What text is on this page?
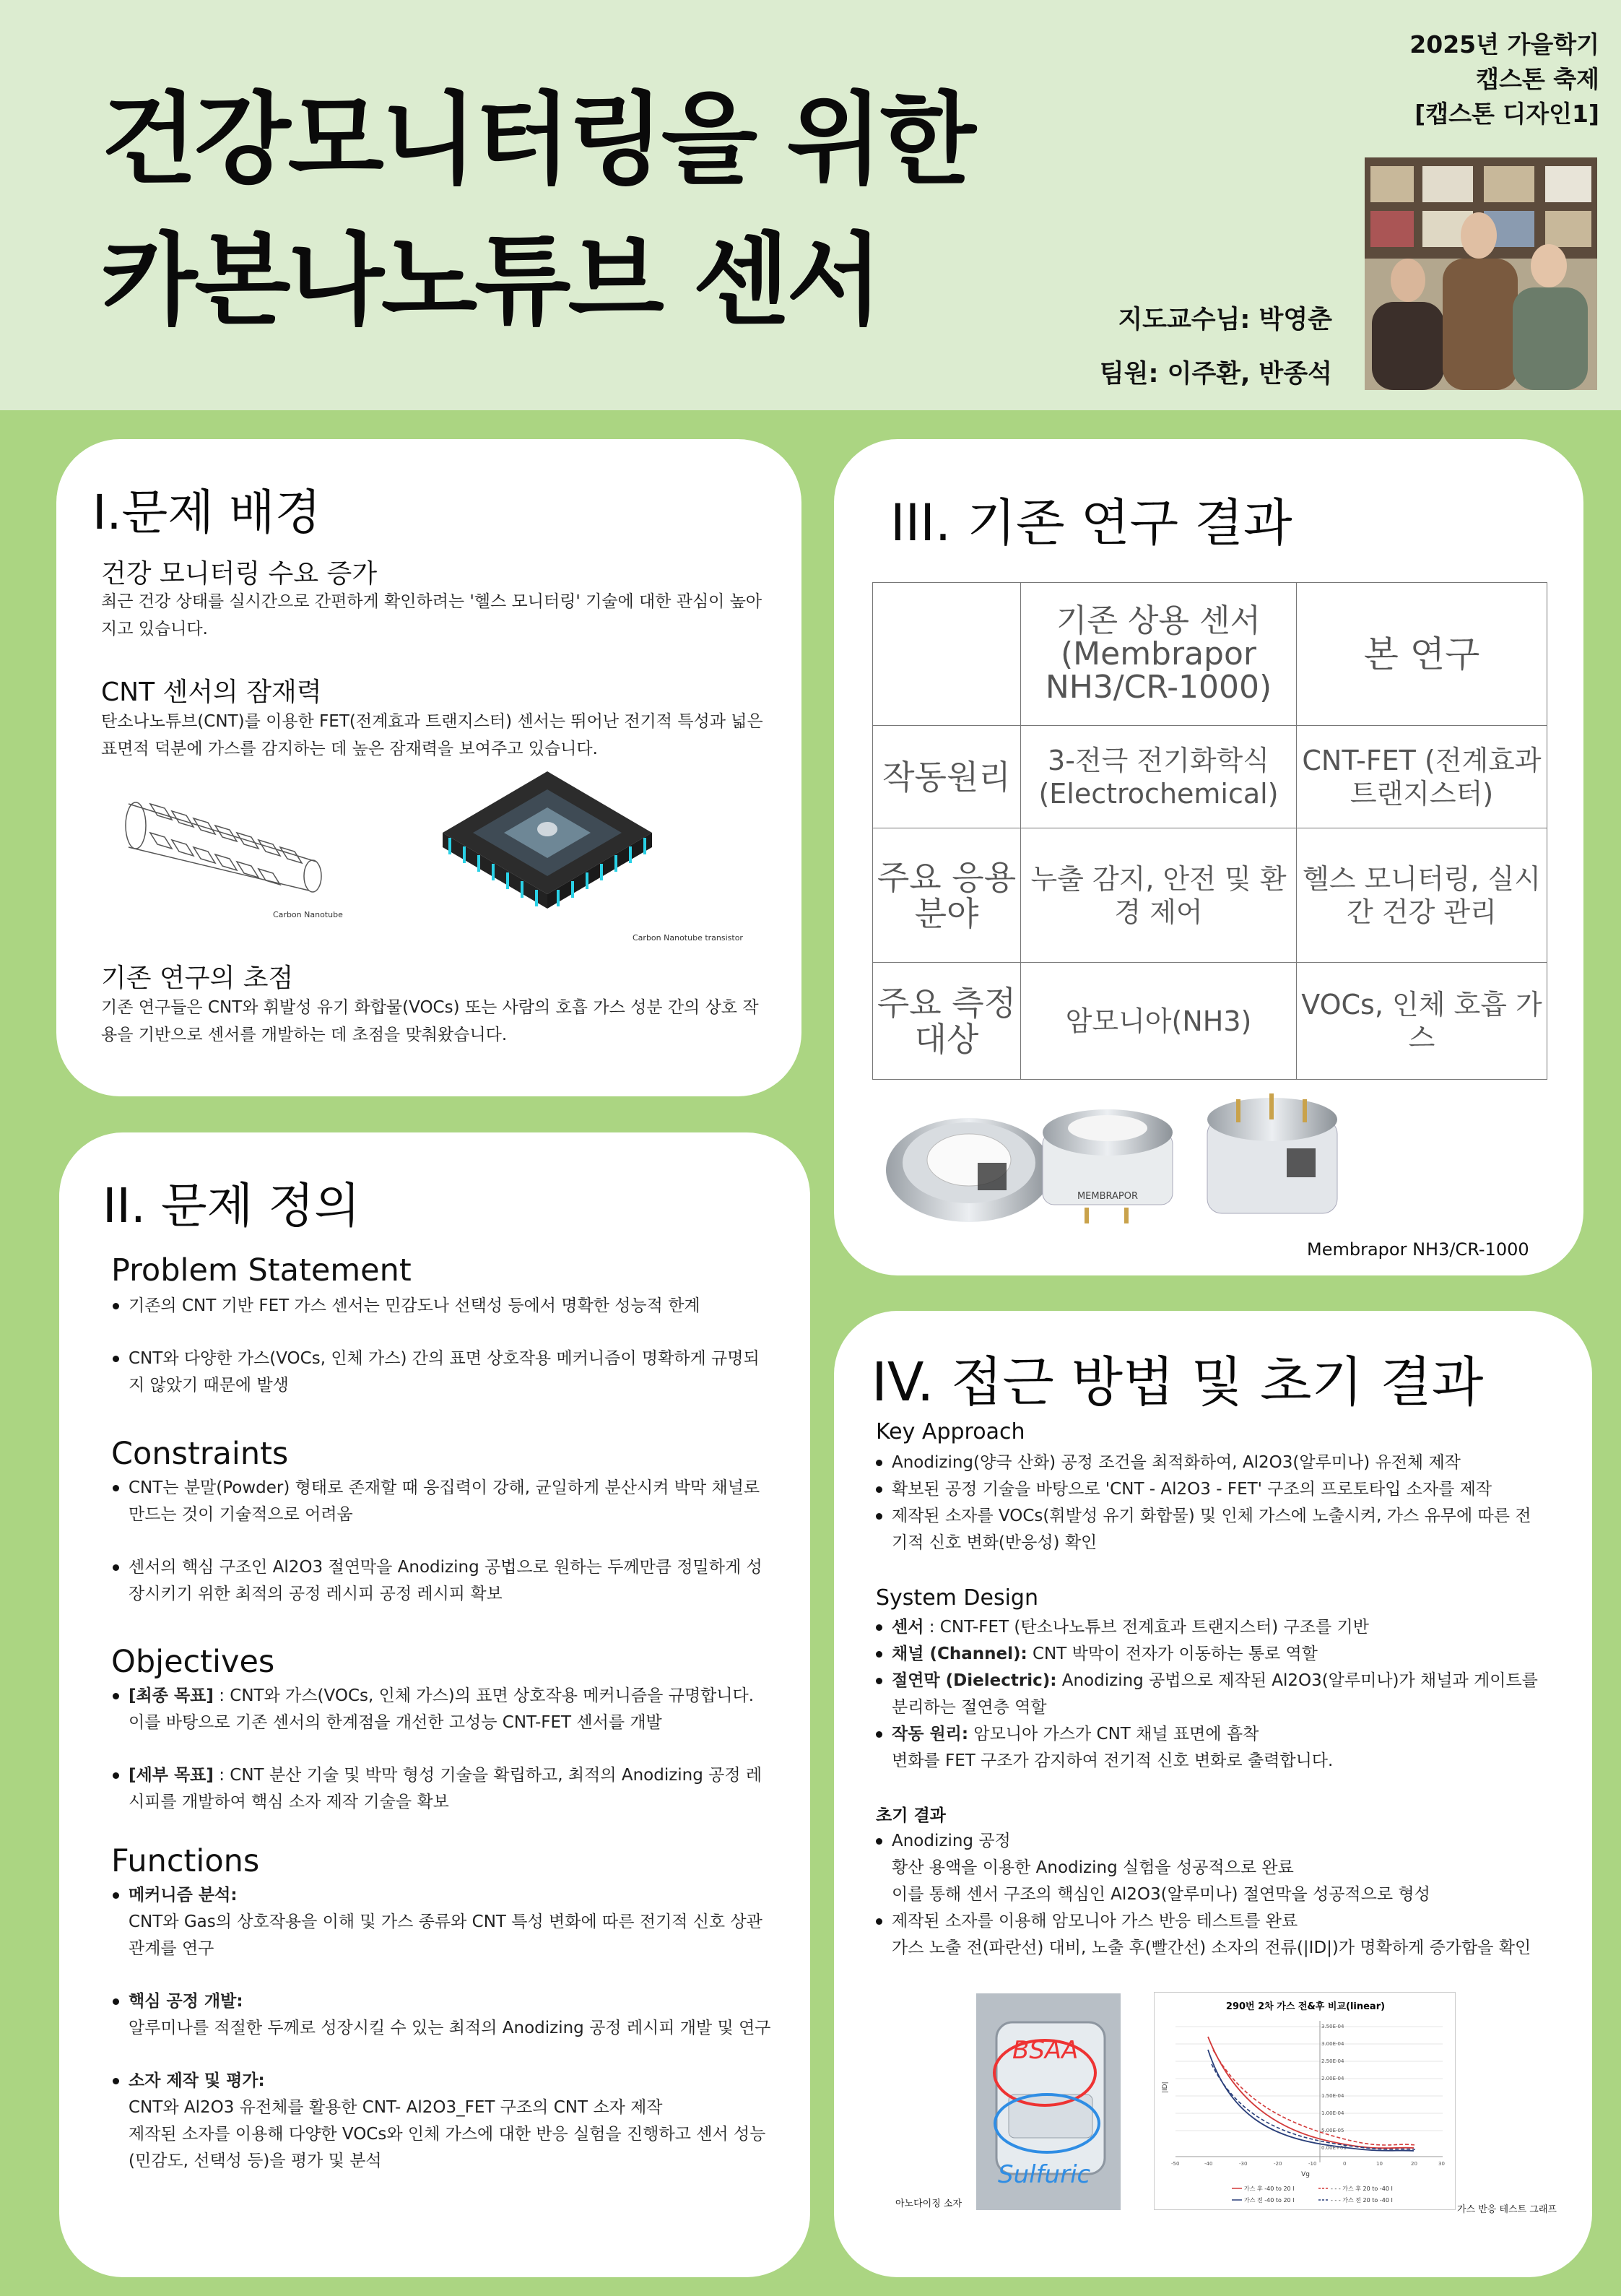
건강모니터링을 위한
카본나노튜브 센서
2025년 가을학기
캡스톤 축제
[캡스톤 디자인1]
지도교수님: 박영춘
팀원: 이주환, 반종석
I.문제 배경
건강 모니터링 수요 증가
최근 건강 상태를 실시간으로 간편하게 확인하려는 '헬스 모니터링' 기술에 대한 관심이 높아지고 있습니다.
CNT 센서의 잠재력
탄소나노튜브(CNT)를 이용한 FET(전계효과 트랜지스터) 센서는 뛰어난 전기적 특성과 넓은 표면적 덕분에 가스를 감지하는 데 높은 잠재력을 보여주고 있습니다.
Carbon Nanotube
Carbon Nanotube transistor
기존 연구의 초점
기존 연구들은 CNT와 휘발성 유기 화합물(VOCs) 또는 사람의 호흡 가스 성분 간의 상호 작용을 기반으로 센서를 개발하는 데 초점을 맞춰왔습니다.
II. 문제 정의
Problem Statement
기존의 CNT 기반 FET 가스 센서는 민감도나 선택성 등에서 명확한 성능적 한계
CNT와 다양한 가스(VOCs, 인체 가스) 간의 표면 상호작용 메커니즘이 명확하게 규명되지 않았기 때문에 발생
Constraints
CNT는 분말(Powder) 형태로 존재할 때 응집력이 강해, 균일하게 분산시켜 박막 채널로 만드는 것이 기술적으로 어려움
센서의 핵심 구조인 Al2O3 절연막을 Anodizing 공법으로 원하는 두께만큼 정밀하게 성장시키기 위한 최적의 공정 레시피 공정 레시피 확보
Objectives
[최종 목표] : CNT와 가스(VOCs, 인체 가스)의 표면 상호작용 메커니즘을 규명합니다. 이를 바탕으로 기존 센서의 한계점을 개선한 고성능 CNT-FET 센서를 개발
[세부 목표] : CNT 분산 기술 및 박막 형성 기술을 확립하고, 최적의 Anodizing 공정 레시피를 개발하여 핵심 소자 제작 기술을 확보
Functions
메커니즘 분석:
CNT와 Gas의 상호작용을 이해 및 가스 종류와 CNT 특성 변화에 따른 전기적 신호 상관관계를 연구
핵심 공정 개발:
알루미나를 적절한 두께로 성장시킬 수 있는 최적의 Anodizing 공정 레시피 개발 및 연구
소자 제작 및 평가:
CNT와 Al2O3 유전체를 활용한 CNT- Al2O3_FET 구조의 CNT 소자 제작
제작된 소자를 이용해 다양한 VOCs와 인체 가스에 대한 반응 실험을 진행하고 센서 성능(민감도, 선택성 등)을 평가 및 분석
III. 기존 연구 결과
	기존 상용 센서 (Membrapor NH3/CR-1000)	본 연구
작동원리	3-전극 전기화학식 (Electrochemical)	CNT-FET (전계효과 트랜지스터)
주요 응용 분야	누출 감지, 안전 및 환경 제어	헬스 모니터링, 실시간 건강 관리
주요 측정 대상	암모니아(NH3)	VOCs, 인체 호흡 가스
MEMBRAPOR
Membrapor NH3/CR-1000
IV. 접근 방법 및 초기 결과
Key Approach
Anodizing(양극 산화) 공정 조건을 최적화하여, Al2O3(알루미나) 유전체 제작
확보된 공정 기술을 바탕으로 'CNT - Al2O3 - FET' 구조의 프로토타입 소자를 제작
제작된 소자를 VOCs(휘발성 유기 화합물) 및 인체 가스에 노출시켜, 가스 유무에 따른 전기적 신호 변화(반응성) 확인
System Design
센서 : CNT-FET (탄소나노튜브 전계효과 트랜지스터) 구조를 기반
채널 (Channel): CNT 박막이 전자가 이동하는 통로 역할
절연막 (Dielectric): Anodizing 공법으로 제작된 Al2O3(알루미나)가 채널과 게이트를 분리하는 절연층 역할
작동 원리: 암모니아 가스가 CNT 채널 표면에 흡착
변화를 FET 구조가 감지하여 전기적 신호 변화로 출력합니다.
초기 결과
Anodizing 공정
황산 용액을 이용한 Anodizing 실험을 성공적으로 완료
이를 통해 센서 구조의 핵심인 Al2O3(알루미나) 절연막을 성공적으로 형성
제작된 소자를 이용해 암모니아 가스 반응 테스트를 완료
가스 노출 전(파란선) 대비, 노출 후(빨간선) 소자의 전류(|ID|)가 명확하게 증가함을 확인
BSAA
Sulfuric
아노다이징 소자
290번 2차 가스 전&후 비교(linear)
3.50E-04
3.00E-04
2.50E-04
2.00E-04
1.50E-04
1.00E-04
5.00E-05
0.00E+00
-50	-40	-30	-20	-10	0	10	20	30
Vg
|ID|
가스 후 -40 to 20 I	- - - 가스 후 20 to -40 I
가스 전 -40 to 20 I	- - - 가스 전 20 to -40 I
가스 반응 테스트 그래프
